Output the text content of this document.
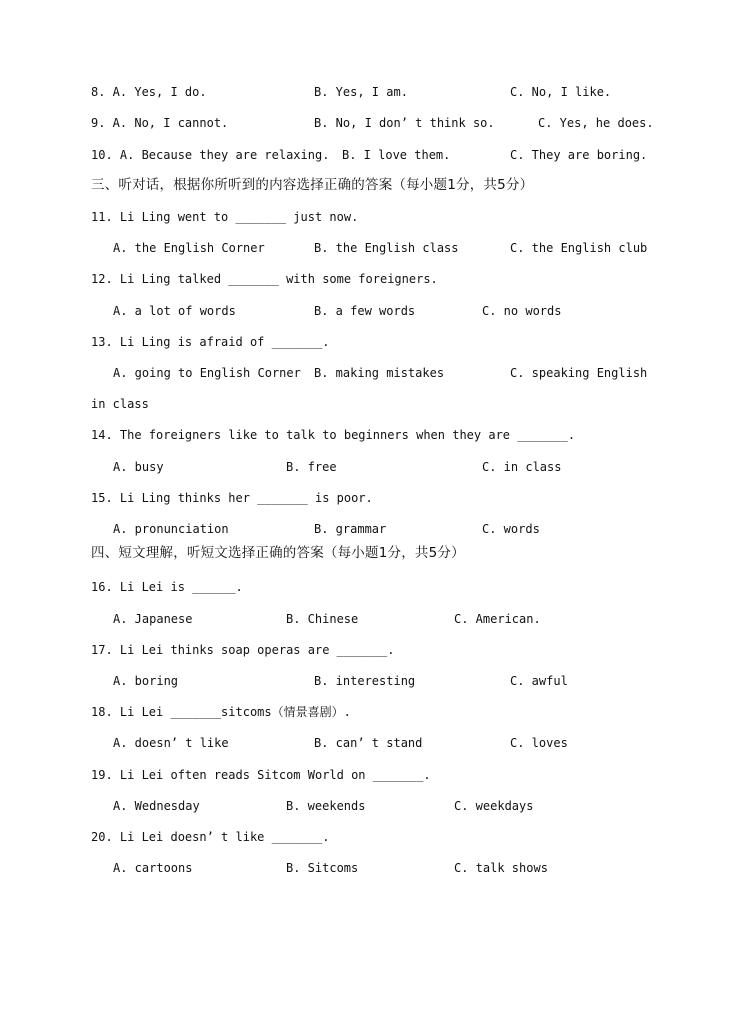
8. A. Yes, I do.	B. Yes, I am.	C. No, I like.
9. A. No, I cannot.	B. No, I don’ t think so.	C. Yes, he does.
10. A. Because they are relaxing. B. I love them.	C. They are boring.
三、听对话，根据你所听到的内容选择正确的答案（每小题1分，共5分）
11. Li Ling went to _______ just now.
A. the English Corner	B. the English class	C. the English club
12. Li Ling talked _______ with some foreigners.
A. a lot of words	B. a few words	C. no words
13. Li Ling is afraid of _______.
A. going to English Corner B. making mistakes	C. speaking English
in class
14. The foreigners like to talk to beginners when they are _______.
A. busy	B. free	C. in class
15. Li Ling thinks her _______ is poor.
A. pronunciation	B. grammar	C. words
四、短文理解，听短文选择正确的答案（每小题1分，共5分）
16. Li Lei is ______.
A. Japanese	B. Chinese	C. American.
17. Li Lei thinks soap operas are _______.
A. boring	B. interesting	C. awful
18. Li Lei _______sitcoms（情景喜剧）.
A. doesn’ t like	B. can’ t stand	C. loves
19. Li Lei often reads Sitcom World on _______.
A. Wednesday	B. weekends	C. weekdays
20. Li Lei doesn’ t like _______.
A. cartoons	B. Sitcoms	C. talk shows
